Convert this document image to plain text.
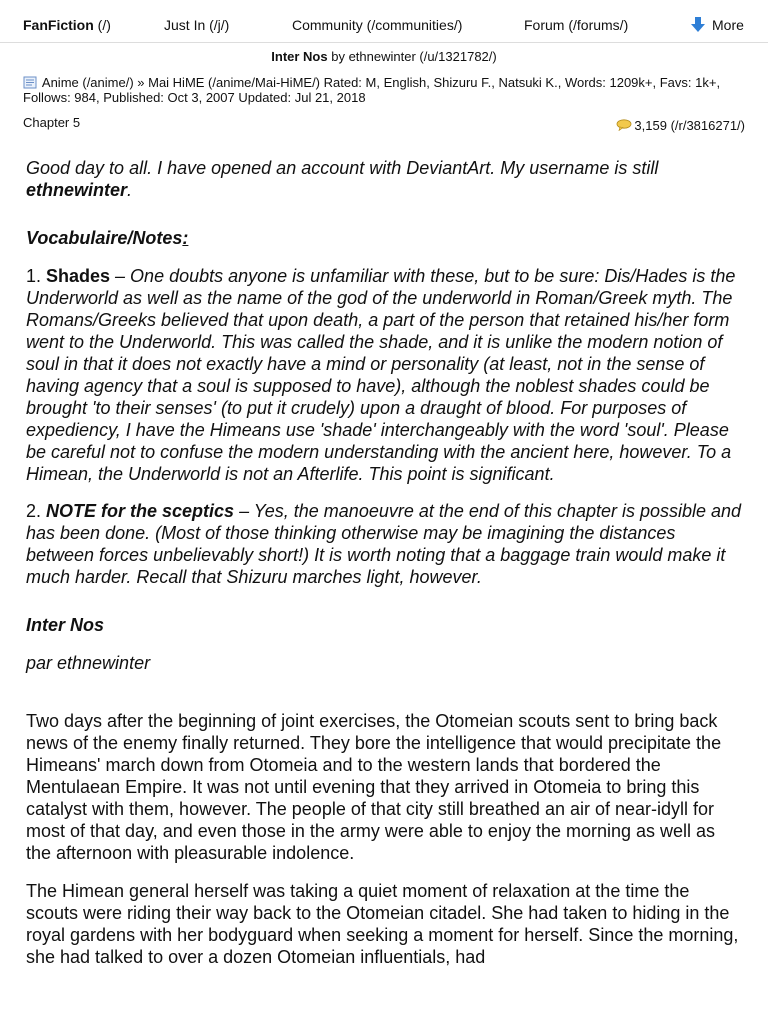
FanFiction (/)	Just In (/j/)	Community (/communities/)	Forum (/forums/)	More
Inter Nos by ethnewinter (/u/1321782/)
Anime (/anime/) » Mai HiME (/anime/Mai-HiME/) Rated: M, English, Shizuru F., Natsuki K., Words: 1209k+, Favs: 1k+, Follows: 984, Published: Oct 3, 2007 Updated: Jul 21, 2018
Chapter 5	3,159 (/r/3816271/)

Good day to all. I have opened an account with DeviantArt. My username is still ethnewinter.

Vocabulaire/Notes:

1. Shades – One doubts anyone is unfamiliar with these, but to be sure: Dis/Hades is the Underworld as well as the name of the god of the underworld in Roman/Greek myth. The Romans/Greeks believed that upon death, a part of the person that retained his/her form went to the Underworld. This was called the shade, and it is unlike the modern notion of soul in that it does not exactly have a mind or personality (at least, not in the sense of having agency that a soul is supposed to have), although the noblest shades could be brought 'to their senses' (to put it crudely) upon a draught of blood. For purposes of expediency, I have the Himeans use 'shade' interchangeably with the word 'soul'. Please be careful not to confuse the modern understanding with the ancient here, however. To a Himean, the Underworld is not an Afterlife. This point is significant.

2. NOTE for the sceptics – Yes, the manoeuvre at the end of this chapter is possible and has been done. (Most of those thinking otherwise may be imagining the distances between forces unbelievably short!) It is worth noting that a baggage train would make it much harder. Recall that Shizuru marches light, however.

Inter Nos

par ethnewinter

Two days after the beginning of joint exercises, the Otomeian scouts sent to bring back news of the enemy finally returned. They bore the intelligence that would precipitate the Himeans' march down from Otomeia and to the western lands that bordered the Mentulaean Empire. It was not until evening that they arrived in Otomeia to bring this catalyst with them, however. The people of that city still breathed an air of near-idyll for most of that day, and even those in the army were able to enjoy the morning as well as the afternoon with pleasurable indolence.

The Himean general herself was taking a quiet moment of relaxation at the time the scouts were riding their way back to the Otomeian citadel. She had taken to hiding in the royal gardens with her bodyguard when seeking a moment for herself. Since the morning, she had talked to over a dozen Otomeian influentials, had
